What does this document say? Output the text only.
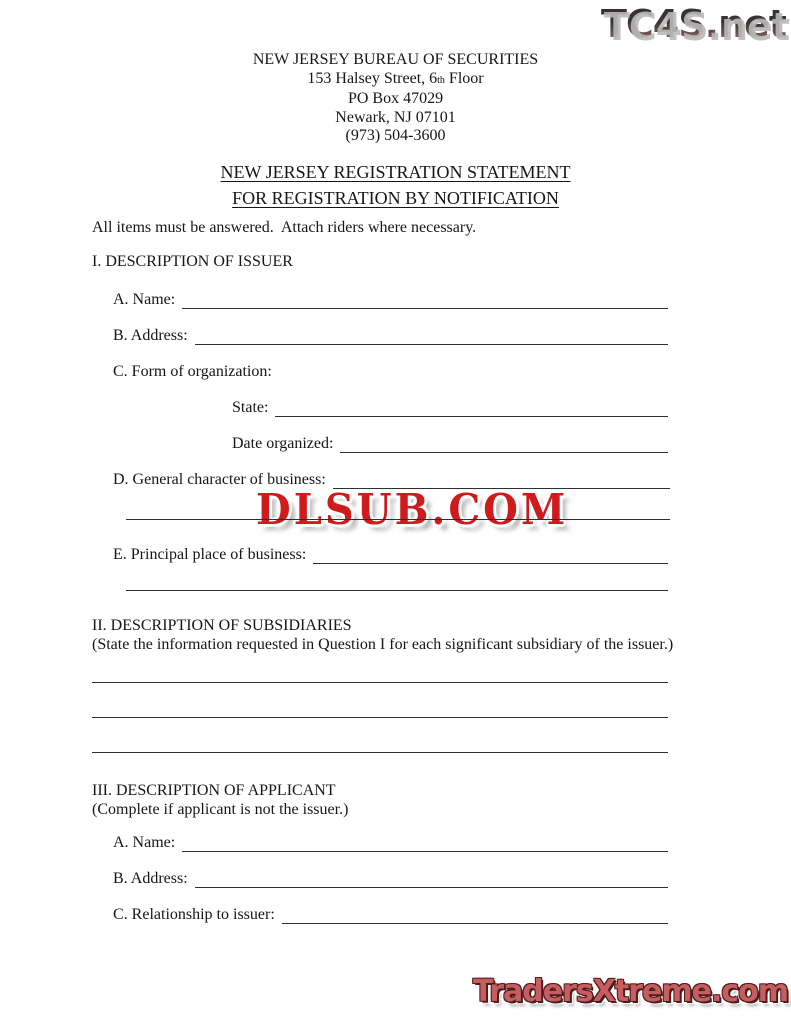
TC4S.net
DLSUB.COM
TradersXtreme.com
NEW JERSEY BUREAU OF SECURITIES
153 Halsey Street, 6th Floor
PO Box 47029
Newark, NJ 07101
(973) 504-3600
NEW JERSEY REGISTRATION STATEMENT
FOR REGISTRATION BY NOTIFICATION
All items must be answered.  Attach riders where necessary.
I. DESCRIPTION OF ISSUER
A. Name:
B. Address:
C. Form of organization:
State:
Date organized:
D. General character of business:
E. Principal place of business:
II. DESCRIPTION OF SUBSIDIARIES
(State the information requested in Question I for each significant subsidiary of the issuer.)
III. DESCRIPTION OF APPLICANT
(Complete if applicant is not the issuer.)
A. Name:
B. Address:
C. Relationship to issuer:
